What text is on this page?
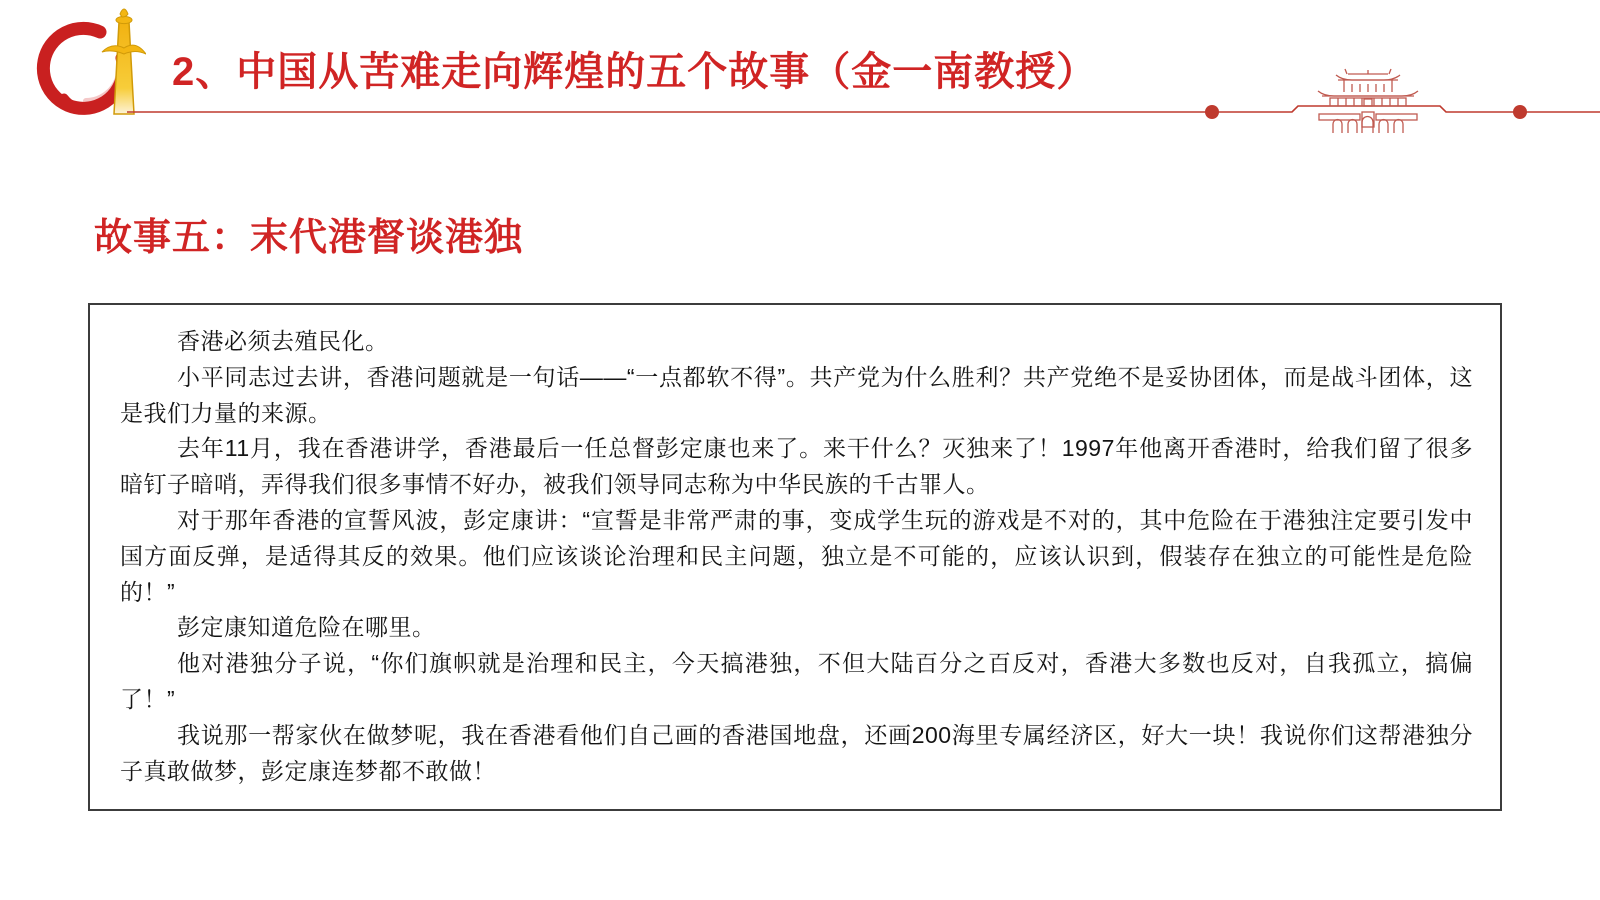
2、中国从苦难走向辉煌的五个故事（金一南教授）
故事五：末代港督谈港独

香港必须去殖民化。

小平同志过去讲，香港问题就是一句话——“一点都软不得”。共产党为什么胜利？共产党绝不是妥协团体，而是战斗团体，这是我们力量的来源。

去年11月，我在香港讲学，香港最后一任总督彭定康也来了。来干什么？灭独来了！1997年他离开香港时，给我们留了很多暗钉子暗哨，弄得我们很多事情不好办，被我们领导同志称为中华民族的千古罪人。

对于那年香港的宣誓风波，彭定康讲：“宣誓是非常严肃的事，变成学生玩的游戏是不对的，其中危险在于港独注定要引发中国方面反弹，是适得其反的效果。他们应该谈论治理和民主问题，独立是不可能的，应该认识到，假装存在独立的可能性是危险的！”

彭定康知道危险在哪里。

他对港独分子说，“你们旗帜就是治理和民主，今天搞港独，不但大陆百分之百反对，香港大多数也反对，自我孤立，搞偏了！”

我说那一帮家伙在做梦呢，我在香港看他们自己画的香港国地盘，还画200海里专属经济区，好大一块！我说你们这帮港独分子真敢做梦，彭定康连梦都不敢做！
